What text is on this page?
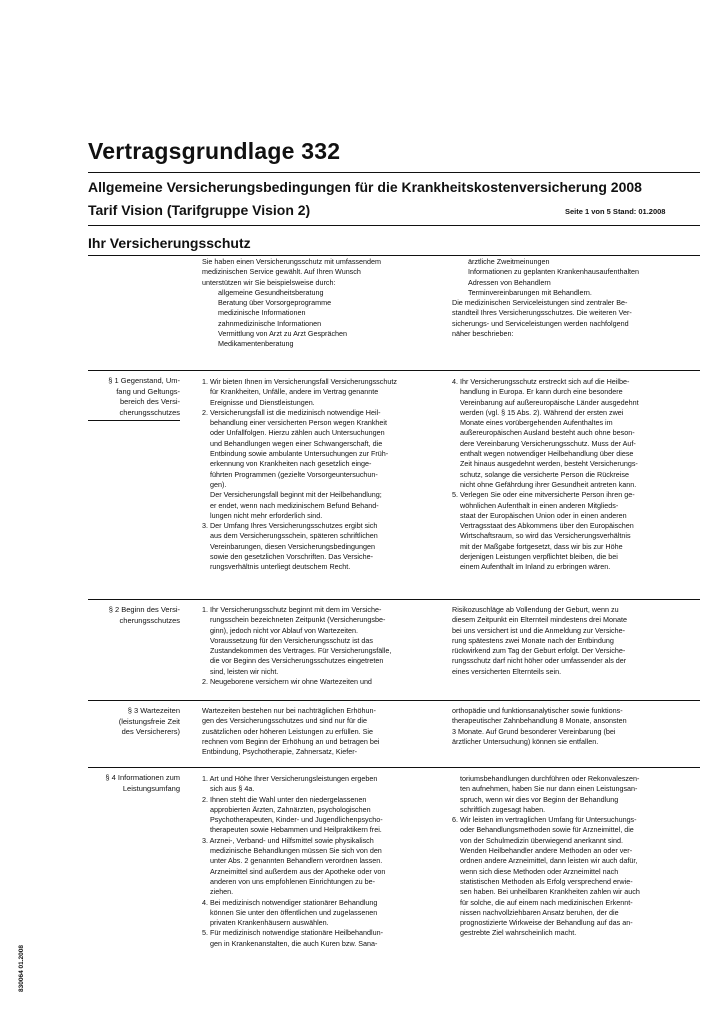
Vertragsgrundlage 332
Allgemeine Versicherungsbedingungen für die Krankheitskostenversicherung 2008
Tarif Vision (Tarifgruppe Vision 2)	Seite 1 von 5 Stand: 01.2008
Ihr Versicherungsschutz
Sie haben einen Versicherungsschutz mit umfassendem
medizinischen Service gewählt. Auf Ihren Wunsch
unterstützen wir Sie beispielsweise durch:
allgemeine Gesundheitsberatung
Beratung über Vorsorgeprogramme
medizinische Informationen
zahnmedizinische Informationen
Vermittlung von Arzt zu Arzt Gesprächen
Medikamentenberatung
ärztliche Zweitmeinungen
Informationen zu geplanten Krankenhausaufenthalten
Adressen von Behandlern
Terminvereinbarungen mit Behandlern.
Die medizinischen Serviceleistungen sind zentraler Be-
standteil Ihres Versicherungsschutzes. Die weiteren Ver-
sicherungs- und Serviceleistungen werden nachfolgend
näher beschrieben:
§ 1 Gegenstand, Um-
fang und Geltungs-
bereich des Versi-
cherungsschutzes
1. Wir bieten Ihnen im Versicherungsfall Versicherungsschutz
für Krankheiten, Unfälle, andere im Vertrag genannte
Ereignisse und Dienstleistungen.
2. Versicherungsfall ist die medizinisch notwendige Heil-
behandlung einer versicherten Person wegen Krankheit
oder Unfallfolgen. Hierzu zählen auch Untersuchungen
und Behandlungen wegen einer Schwangerschaft, die
Entbindung sowie ambulante Untersuchungen zur Früh-
erkennung von Krankheiten nach gesetzlich einge-
führten Programmen (gezielte Vorsorgeuntersuchun-
gen).
Der Versicherungsfall beginnt mit der Heilbehandlung;
er endet, wenn nach medizinischem Befund Behand-
lungen nicht mehr erforderlich sind.
3. Der Umfang Ihres Versicherungsschutzes ergibt sich
aus dem Versicherungsschein, späteren schriftlichen
Vereinbarungen, diesen Versicherungsbedingungen
sowie den gesetzlichen Vorschriften. Das Versiche-
rungsverhältnis unterliegt deutschem Recht.
4. Ihr Versicherungsschutz erstreckt sich auf die Heilbe-
handlung in Europa. Er kann durch eine besondere
Vereinbarung auf außereuropäische Länder ausgedehnt
werden (vgl. § 15 Abs. 2). Während der ersten zwei
Monate eines vorübergehenden Aufenthaltes im
außereuropäischen Ausland besteht auch ohne beson-
dere Vereinbarung Versicherungsschutz. Muss der Auf-
enthalt wegen notwendiger Heilbehandlung über diese
Zeit hinaus ausgedehnt werden, besteht Versicherungs-
schutz, solange die versicherte Person die Rückreise
nicht ohne Gefährdung ihrer Gesundheit antreten kann.
5. Verlegen Sie oder eine mitversicherte Person ihren ge-
wöhnlichen Aufenthalt in einen anderen Mitglieds-
staat der Europäischen Union oder in einen anderen
Vertragsstaat des Abkommens über den Europäischen
Wirtschaftsraum, so wird das Versicherungsverhältnis
mit der Maßgabe fortgesetzt, dass wir bis zur Höhe
derjenigen Leistungen verpflichtet bleiben, die bei
einem Aufenthalt im Inland zu erbringen wären.
§ 2 Beginn des Versi-
cherungsschutzes
1. Ihr Versicherungsschutz beginnt mit dem im Versiche-
rungsschein bezeichneten Zeitpunkt (Versicherungsbe-
ginn), jedoch nicht vor Ablauf von Wartezeiten.
Voraussetzung für den Versicherungsschutz ist das
Zustandekommen des Vertrages. Für Versicherungsfälle,
die vor Beginn des Versicherungsschutzes eingetreten
sind, leisten wir nicht.
2. Neugeborene versichern wir ohne Wartezeiten und
Risikozuschläge ab Vollendung der Geburt, wenn zu
diesem Zeitpunkt ein Elternteil mindestens drei Monate
bei uns versichert ist und die Anmeldung zur Versiche-
rung spätestens zwei Monate nach der Entbindung
rückwirkend zum Tag der Geburt erfolgt. Der Versiche-
rungsschutz darf nicht höher oder umfassender als der
eines versicherten Elternteils sein.
§ 3 Wartezeiten
(leistungsfreie Zeit
des Versicherers)
Wartezeiten bestehen nur bei nachträglichen Erhöhun-
gen des Versicherungsschutzes und sind nur für die
zusätzlichen oder höheren Leistungen zu erfüllen. Sie
rechnen vom Beginn der Erhöhung an und betragen bei
Entbindung, Psychotherapie, Zahnersatz, Kiefer-
orthopädie und funktionsanalytischer sowie funktions-
therapeutischer Zahnbehandlung 8 Monate, ansonsten
3 Monate. Auf Grund besonderer Vereinbarung (bei
ärztlicher Untersuchung) können sie entfallen.
§ 4 Informationen zum
Leistungsumfang
1. Art und Höhe Ihrer Versicherungsleistungen ergeben
sich aus § 4a.
2. Ihnen steht die Wahl unter den niedergelassenen
approbierten Ärzten, Zahnärzten, psychologischen
Psychotherapeuten, Kinder- und Jugendlichenpsycho-
therapeuten sowie Hebammen und Heilpraktikern frei.
3. Arznei-, Verband- und Hilfsmittel sowie physikalisch
medizinische Behandlungen müssen Sie sich von den
unter Abs. 2 genannten Behandlern verordnen lassen.
Arzneimittel sind außerdem aus der Apotheke oder von
anderen von uns empfohlenen Einrichtungen zu be-
ziehen.
4. Bei medizinisch notwendiger stationärer Behandlung
können Sie unter den öffentlichen und zugelassenen
privaten Krankenhäusern auswählen.
5. Für medizinisch notwendige stationäre Heilbehandlun-
gen in Krankenanstalten, die auch Kuren bzw. Sana-
toriumsbehandlungen durchführen oder Rekonvaleszen-
ten aufnehmen, haben Sie nur dann einen Leistungsan-
spruch, wenn wir dies vor Beginn der Behandlung
schriftlich zugesagt haben.
6. Wir leisten im vertraglichen Umfang für Untersuchungs-
oder Behandlungsmethoden sowie für Arzneimittel, die
von der Schulmedizin überwiegend anerkannt sind.
Wenden Heilbehandler andere Methoden an oder ver-
ordnen andere Arzneimittel, dann leisten wir auch dafür,
wenn sich diese Methoden oder Arzneimittel nach
statistischen Methoden als Erfolg versprechend erwie-
sen haben. Bei unheilbaren Krankheiten zahlen wir auch
für solche, die auf einem nach medizinischen Erkennt-
nissen nachvollziehbaren Ansatz beruhen, der die
prognostizierte Wirkweise der Behandlung auf das an-
gestrebte Ziel wahrscheinlich macht.
830064 01.2008
